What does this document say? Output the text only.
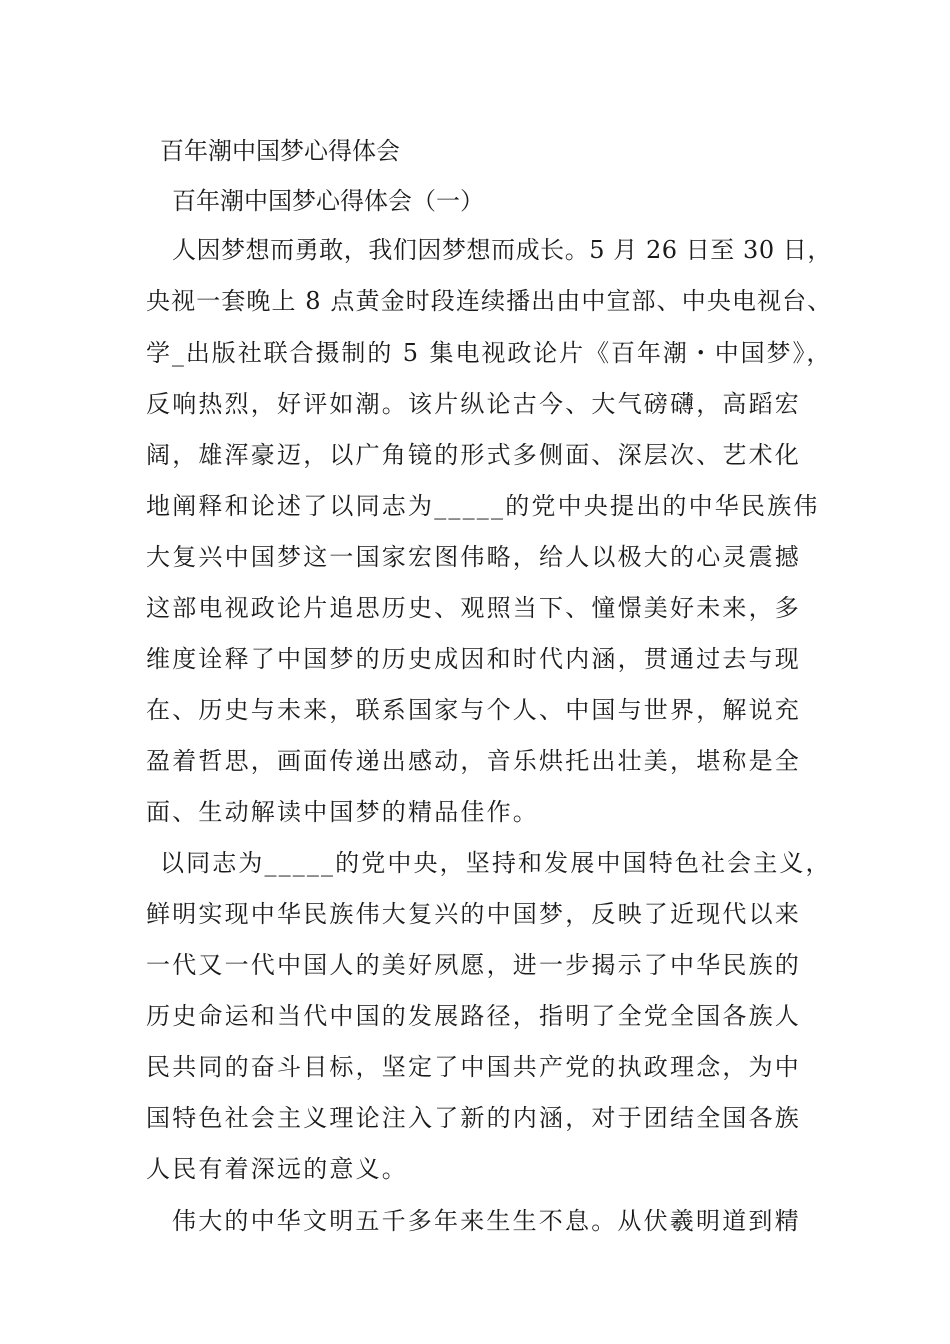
百年潮中国梦心得体会
百年潮中国梦心得体会（一）
人因梦想而勇敢，我们因梦想而成长。5 月 26 日至 30 日，
央视一套晚上 8 点黄金时段连续播出由中宣部、中央电视台、
学_出版社联合摄制的 5 集电视政论片《百年潮・中国梦》，
反响热烈，好评如潮。该片纵论古今、大气磅礴，高蹈宏
阔，雄浑豪迈，以广角镜的形式多侧面、深层次、艺术化
地阐释和论述了以同志为_____的党中央提出的中华民族伟
大复兴中国梦这一国家宏图伟略，给人以极大的心灵震撼
这部电视政论片追思历史、观照当下、憧憬美好未来，多
维度诠释了中国梦的历史成因和时代内涵，贯通过去与现
在、历史与未来，联系国家与个人、中国与世界，解说充
盈着哲思，画面传递出感动，音乐烘托出壮美，堪称是全
面、生动解读中国梦的精品佳作。
以同志为_____的党中央，坚持和发展中国特色社会主义，
鲜明实现中华民族伟大复兴的中国梦，反映了近现代以来
一代又一代中国人的美好夙愿，进一步揭示了中华民族的
历史命运和当代中国的发展路径，指明了全党全国各族人
民共同的奋斗目标，坚定了中国共产党的执政理念，为中
国特色社会主义理论注入了新的内涵，对于团结全国各族
人民有着深远的意义。
伟大的中华文明五千多年来生生不息。从伏羲明道到精
